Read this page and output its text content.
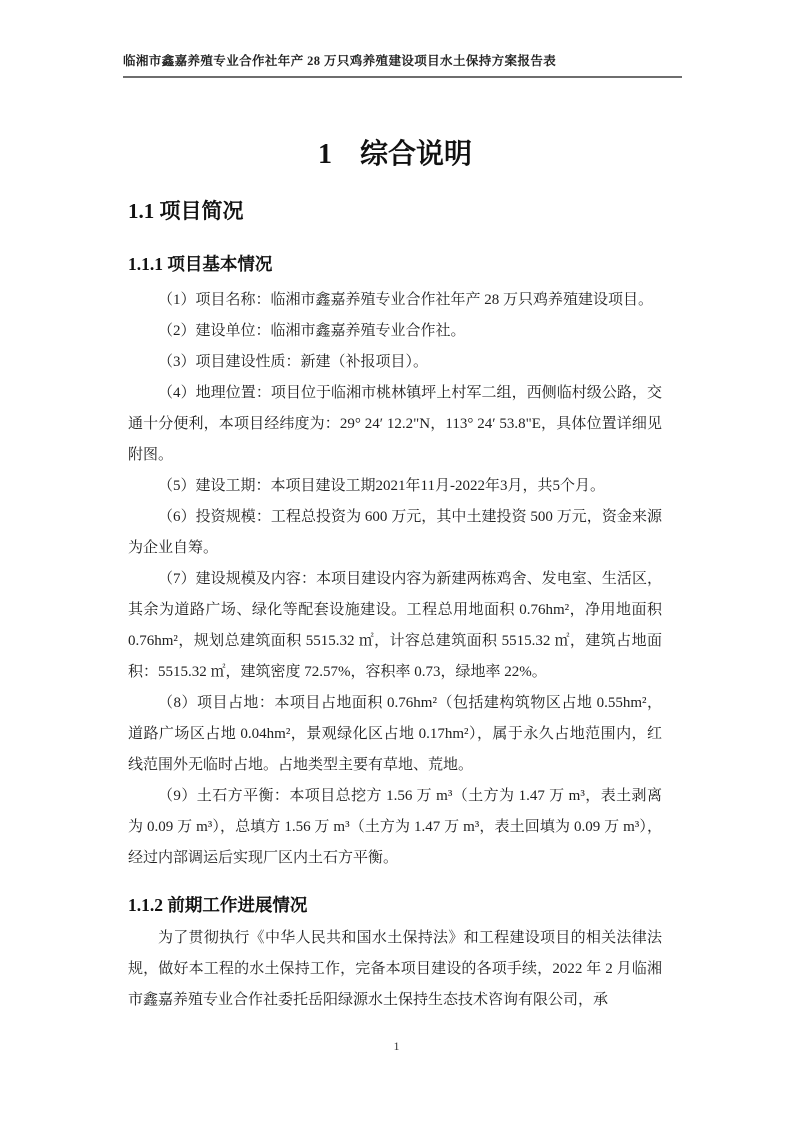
临湘市鑫嘉养殖专业合作社年产 28 万只鸡养殖建设项目水土保持方案报告表
1　综合说明
1.1 项目简况
1.1.1 项目基本情况

（1）项目名称：临湘市鑫嘉养殖专业合作社年产 28 万只鸡养殖建设项目。

（2）建设单位：临湘市鑫嘉养殖专业合作社。

（3）项目建设性质：新建（补报项目）。

（4）地理位置：项目位于临湘市桃林镇坪上村军二组，西侧临村级公路，交通十分便利，本项目经纬度为：29° 24′ 12.2"N，113° 24′ 53.8"E，具体位置详细见附图。

（5）建设工期：本项目建设工期2021年11月-2022年3月，共5个月。

（6）投资规模：工程总投资为 600 万元，其中土建投资 500 万元，资金来源为企业自筹。

（7）建设规模及内容：本项目建设内容为新建两栋鸡舍、发电室、生活区，其余为道路广场、绿化等配套设施建设。工程总用地面积 0.76hm²，净用地面积 0.76hm²，规划总建筑面积 5515.32 ㎡，计容总建筑面积 5515.32 ㎡，建筑占地面积：5515.32 ㎡，建筑密度 72.57%，容积率 0.73，绿地率 22%。

（8）项目占地：本项目占地面积 0.76hm²（包括建构筑物区占地 0.55hm²，道路广场区占地 0.04hm²，景观绿化区占地 0.17hm²），属于永久占地范围内，红线范围外无临时占地。占地类型主要有草地、荒地。

（9）土石方平衡：本项目总挖方 1.56 万 m³（土方为 1.47 万 m³，表土剥离为 0.09 万 m³），总填方 1.56 万 m³（土方为 1.47 万 m³，表土回填为 0.09 万 m³），经过内部调运后实现厂区内土石方平衡。

1.1.2 前期工作进展情况

为了贯彻执行《中华人民共和国水土保持法》和工程建设项目的相关法律法规，做好本工程的水土保持工作，完备本项目建设的各项手续，2022 年 2 月临湘市鑫嘉养殖专业合作社委托岳阳绿源水土保持生态技术咨询有限公司，承

1
